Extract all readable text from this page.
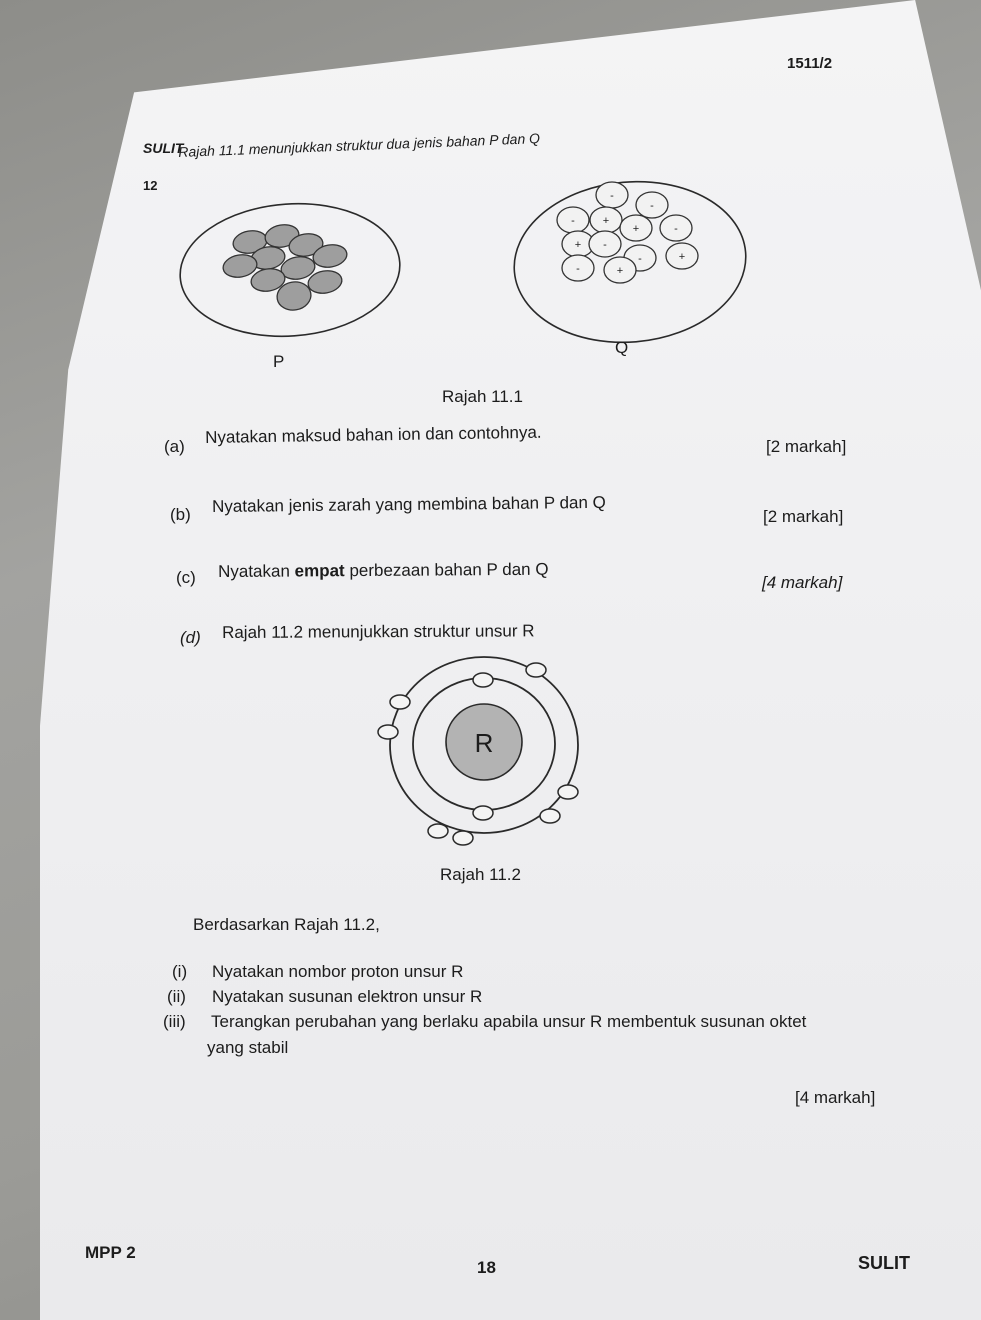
1511/2
SULIT
12
Rajah 11.1 menunjukkan struktur dua jenis bahan P dan Q
-
-
-	+
+	-
+ -
-	+
-	+
P
Q
Rajah 11.1
(a) Nyatakan maksud bahan ion dan contohnya.	[2 markah]
(b) Nyatakan jenis zarah yang membina bahan P dan Q
[2 markah]
(c) Nyatakan empat perbezaan bahan P dan Q
[4 markah]
(d) Rajah 11.2 menunjukkan struktur unsur R
R
Rajah 11.2
Berdasarkan Rajah 11.2,
(i) Nyatakan nombor proton unsur R
(ii) Nyatakan susunan elektron unsur R
(iii) Terangkan perubahan yang berlaku apabila unsur R membentuk susunan oktet
yang stabil
[4 markah]
MPP 2
18	SULIT
